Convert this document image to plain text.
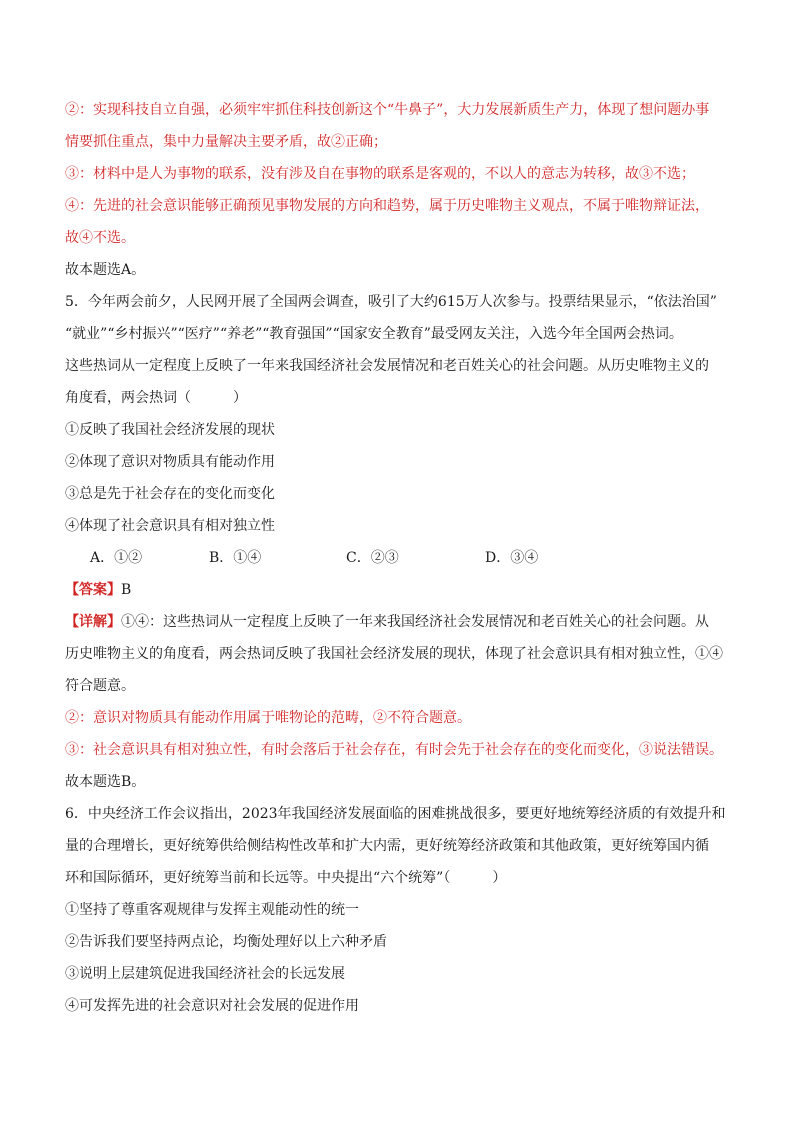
②：实现科技自立自强，必须牢牢抓住科技创新这个“牛鼻子”，大力发展新质生产力，体现了想问题办事
情要抓住重点，集中力量解决主要矛盾，故②正确；
③：材料中是人为事物的联系，没有涉及自在事物的联系是客观的，不以人的意志为转移，故③不选；
④：先进的社会意识能够正确预见事物发展的方向和趋势，属于历史唯物主义观点，不属于唯物辩证法，
故④不选。
故本题选A。
5．今年两会前夕，人民网开展了全国两会调查，吸引了大约615万人次参与。投票结果显示，“依法治国”
“就业”“乡村振兴”“医疗”“养老”“教育强国”“国家安全教育”最受网友关注，入选今年全国两会热词。
这些热词从一定程度上反映了一年来我国经济社会发展情况和老百姓关心的社会问题。从历史唯物主义的
角度看，两会热词（　　　）
①反映了我国社会经济发展的现状
②体现了意识对物质具有能动作用
③总是先于社会存在的变化而变化
④体现了社会意识具有相对独立性
A．①②	B．①④	C．②③	D．③④
【答案】B
【详解】①④：这些热词从一定程度上反映了一年来我国经济社会发展情况和老百姓关心的社会问题。从
历史唯物主义的角度看，两会热词反映了我国社会经济发展的现状，体现了社会意识具有相对独立性，①④
符合题意。
②：意识对物质具有能动作用属于唯物论的范畴，②不符合题意。
③：社会意识具有相对独立性，有时会落后于社会存在，有时会先于社会存在的变化而变化，③说法错误。
故本题选B。
6．中央经济工作会议指出，2023年我国经济发展面临的困难挑战很多，要更好地统筹经济质的有效提升和
量的合理增长，更好统筹供给侧结构性改革和扩大内需，更好统筹经济政策和其他政策，更好统筹国内循
环和国际循环，更好统筹当前和长远等。中央提出“六个统筹”（　　　）
①坚持了尊重客观规律与发挥主观能动性的统一
②告诉我们要坚持两点论，均衡处理好以上六种矛盾
③说明上层建筑促进我国经济社会的长远发展
④可发挥先进的社会意识对社会发展的促进作用
